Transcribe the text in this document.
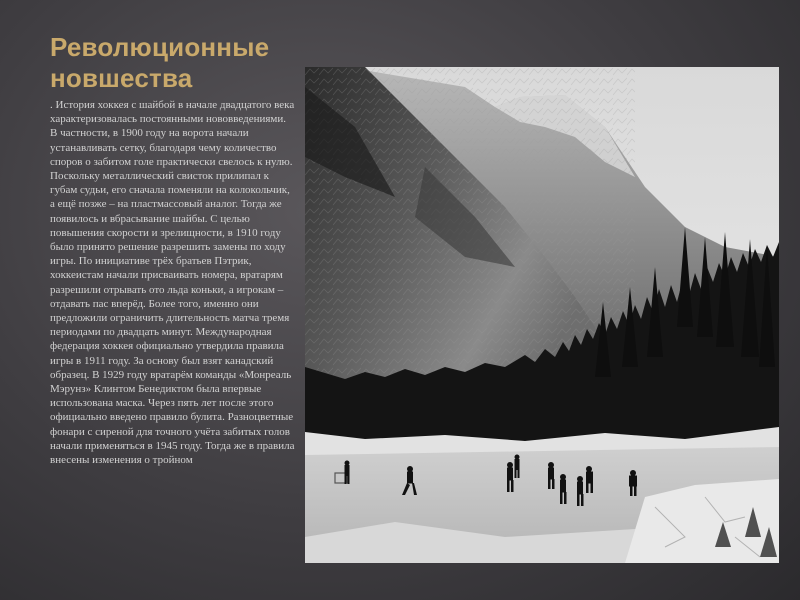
Революционные новшества

. История хоккея с шайбой в начале двадцатого века характеризовалась постоянными нововведениями. В частности, в 1900 году на ворота начали устанавливать сетку, благодаря чему количество споров о забитом голе практически свелось к нулю. Поскольку металлический свисток прилипал к губам судьи, его сначала поменяли на колокольчик, а ещё позже – на пластмассовый аналог. Тогда же появилось и вбрасывание шайбы. С целью повышения скорости и зрелищности, в 1910 году было принято решение разрешить замены по ходу игры. По инициативе трёх братьев Пэтрик, хоккеистам начали присваивать номера, вратарям разрешили отрывать ото льда коньки, а игрокам – отдавать пас вперёд. Более того, именно они предложили ограничить длительность матча тремя периодами по двадцать минут. Международная федерация хоккея официально утвердила правила игры в 1911 году. За основу был взят канадский образец. В 1929 году вратарём команды «Монреаль Мэрунз» Клинтом Бенедиктом была впервые использована маска. Через пять лет после этого официально введено правило булита. Разноцветные фонари с сиреной для точного учёта забитых голов начали применяться в 1945 году. Тогда же в правила внесены изменения о тройном
